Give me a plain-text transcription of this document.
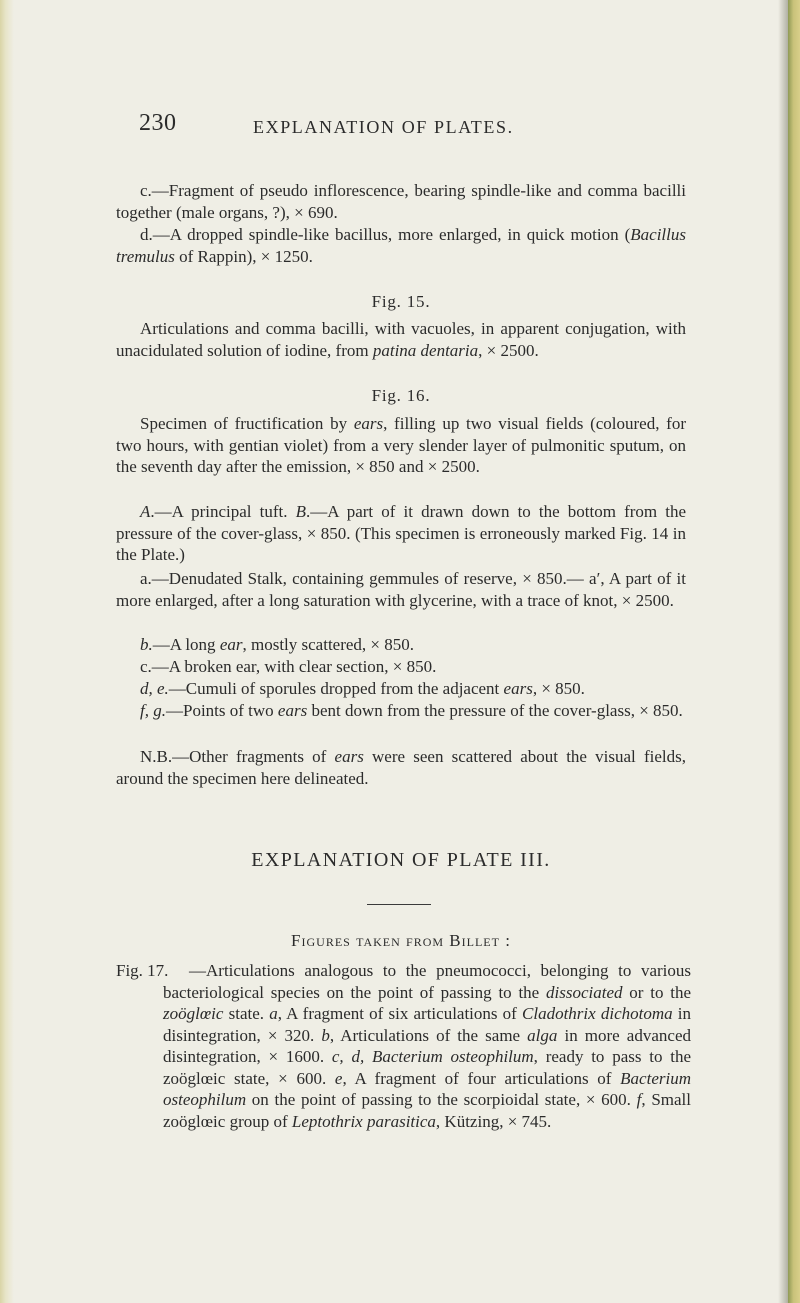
230	EXPLANATION OF PLATES.

c.—Fragment of pseudo inflorescence, bearing spindle-like and comma bacilli together (male organs, ?), × 690.

d.—A dropped spindle-like bacillus, more enlarged, in quick motion (Bacillus tremulus of Rappin), × 1250.

Fig. 15.

Articulations and comma bacilli, with vacuoles, in apparent conjugation, with unacidulated solution of iodine, from patina dentaria, × 2500.

Fig. 16.

Specimen of fructification by ears, filling up two visual fields (coloured, for two hours, with gentian violet) from a very slender layer of pulmonitic sputum, on the seventh day after the emission, × 850 and × 2500.

A.—A principal tuft. B.—A part of it drawn down to the bottom from the pressure of the cover-glass, × 850. (This specimen is erroneously marked Fig. 14 in the Plate.)

a.—Denudated Stalk, containing gemmules of reserve, × 850.— a′, A part of it more enlarged, after a long saturation with glycerine, with a trace of knot, × 2500.

b.—A long ear, mostly scattered, × 850.

c.—A broken ear, with clear section, × 850.

d, e.—Cumuli of sporules dropped from the adjacent ears, × 850.

f, g.—Points of two ears bent down from the pressure of the cover-glass, × 850.

N.B.—Other fragments of ears were seen scattered about the visual fields, around the specimen here delineated.

EXPLANATION OF PLATE III.

Figures taken from Billet :

Fig. 17.	—Articulations analogous to the pneumococci, belonging to various bacteriological species on the point of passing to the dissociated or to the zoöglœic state. a, A fragment of six articulations of Cladothrix dichotoma in disintegration, × 320. b, Articulations of the same alga in more advanced disintegration, × 1600. c, d, Bacterium osteophilum, ready to pass to the zoöglœic state, × 600. e, A fragment of four articulations of Bacterium osteophilum on the point of passing to the scorpioidal state, × 600. f, Small zoöglœic group of Leptothrix parasitica, Kützing, × 745.
